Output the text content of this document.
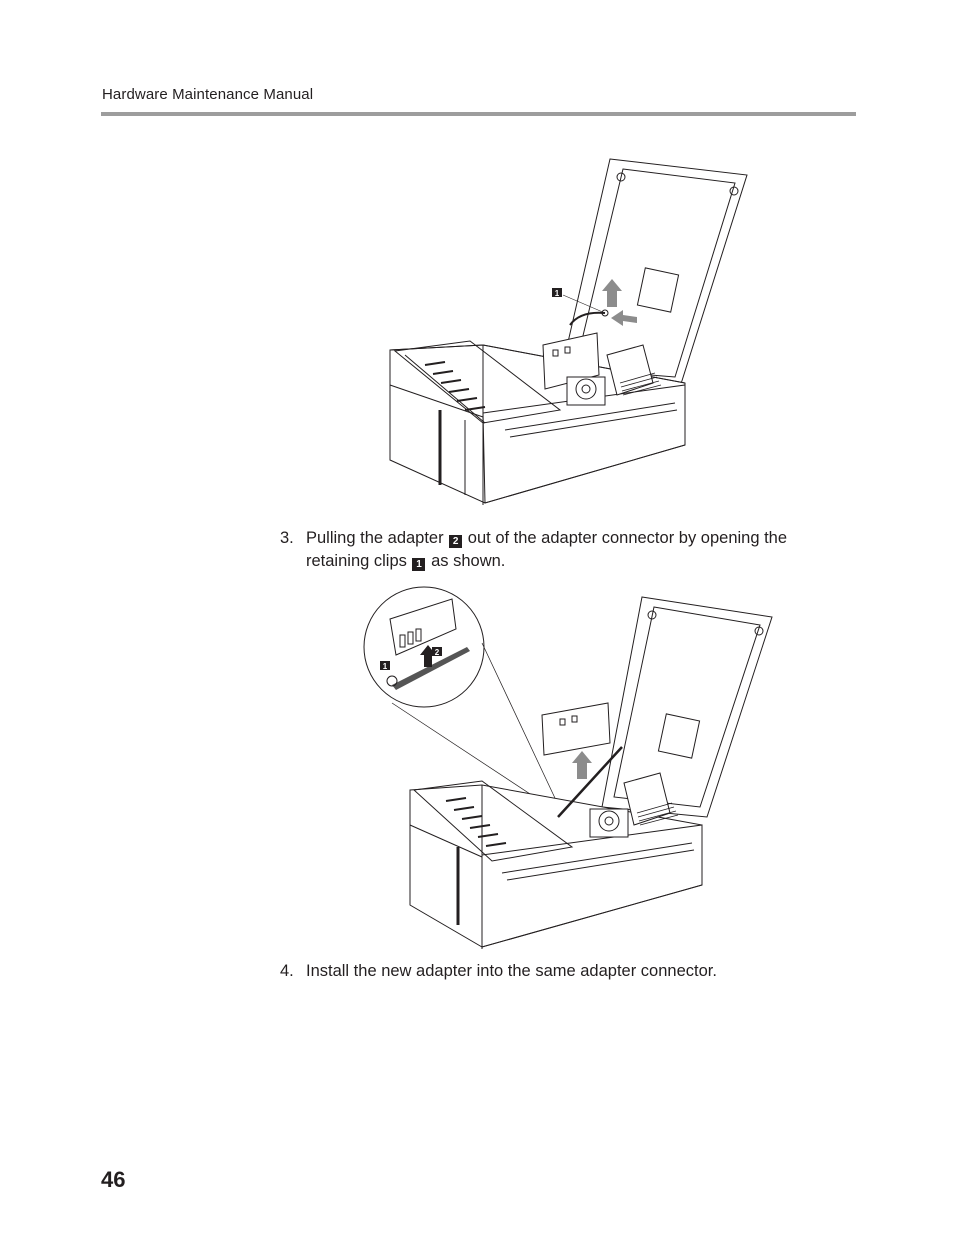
Hardware Maintenance Manual
1
3. Pulling the adapter 2 out of the adapter connector by opening the
retaining clips 1 as shown.
1
2
4. Install the new adapter into the same adapter connector.
46
